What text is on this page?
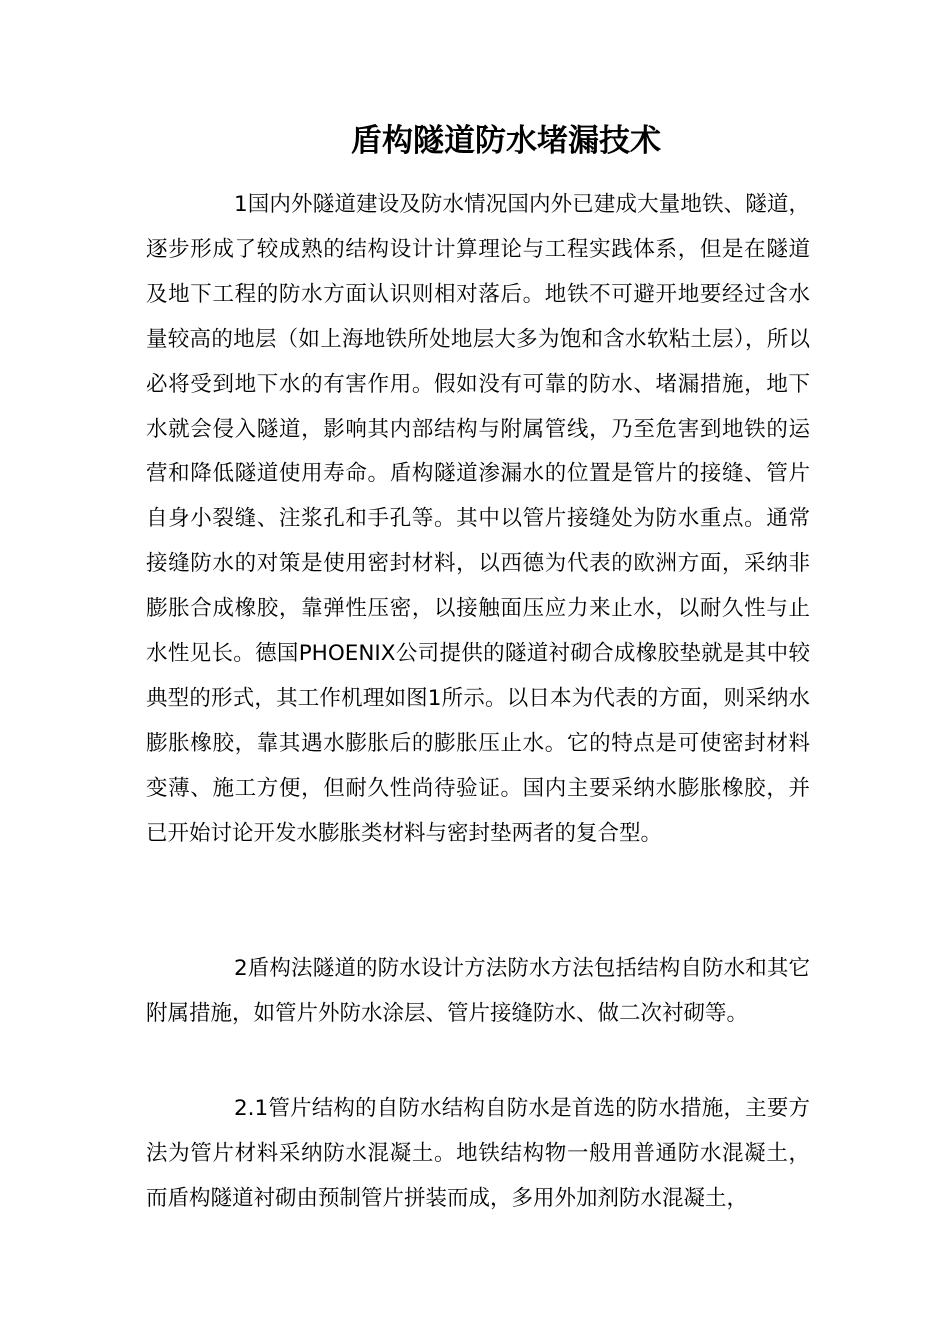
盾构隧道防水堵漏技术

1国内外隧道建设及防水情况国内外已建成大量地铁、隧道，逐步形成了较成熟的结构设计计算理论与工程实践体系，但是在隧道及地下工程的防水方面认识则相对落后。地铁不可避开地要经过含水量较高的地层（如上海地铁所处地层大多为饱和含水软粘土层），所以必将受到地下水的有害作用。假如没有可靠的防水、堵漏措施，地下水就会侵入隧道，影响其内部结构与附属管线，乃至危害到地铁的运营和降低隧道使用寿命。盾构隧道渗漏水的位置是管片的接缝、管片自身小裂缝、注浆孔和手孔等。其中以管片接缝处为防水重点。通常接缝防水的对策是使用密封材料，以西德为代表的欧洲方面，采纳非膨胀合成橡胶，靠弹性压密，以接触面压应力来止水，以耐久性与止水性见长。德国PHOENIX公司提供的隧道衬砌合成橡胶垫就是其中较典型的形式，其工作机理如图1所示。以日本为代表的方面，则采纳水膨胀橡胶，靠其遇水膨胀后的膨胀压止水。它的特点是可使密封材料变薄、施工方便，但耐久性尚待验证。国内主要采纳水膨胀橡胶，并已开始讨论开发水膨胀类材料与密封垫两者的复合型。

2盾构法隧道的防水设计方法防水方法包括结构自防水和其它附属措施，如管片外防水涂层、管片接缝防水、做二次衬砌等。

2.1管片结构的自防水结构自防水是首选的防水措施，主要方法为管片材料采纳防水混凝土。地铁结构物一般用普通防水混凝土，而盾构隧道衬砌由预制管片拼装而成，多用外加剂防水混凝土，
